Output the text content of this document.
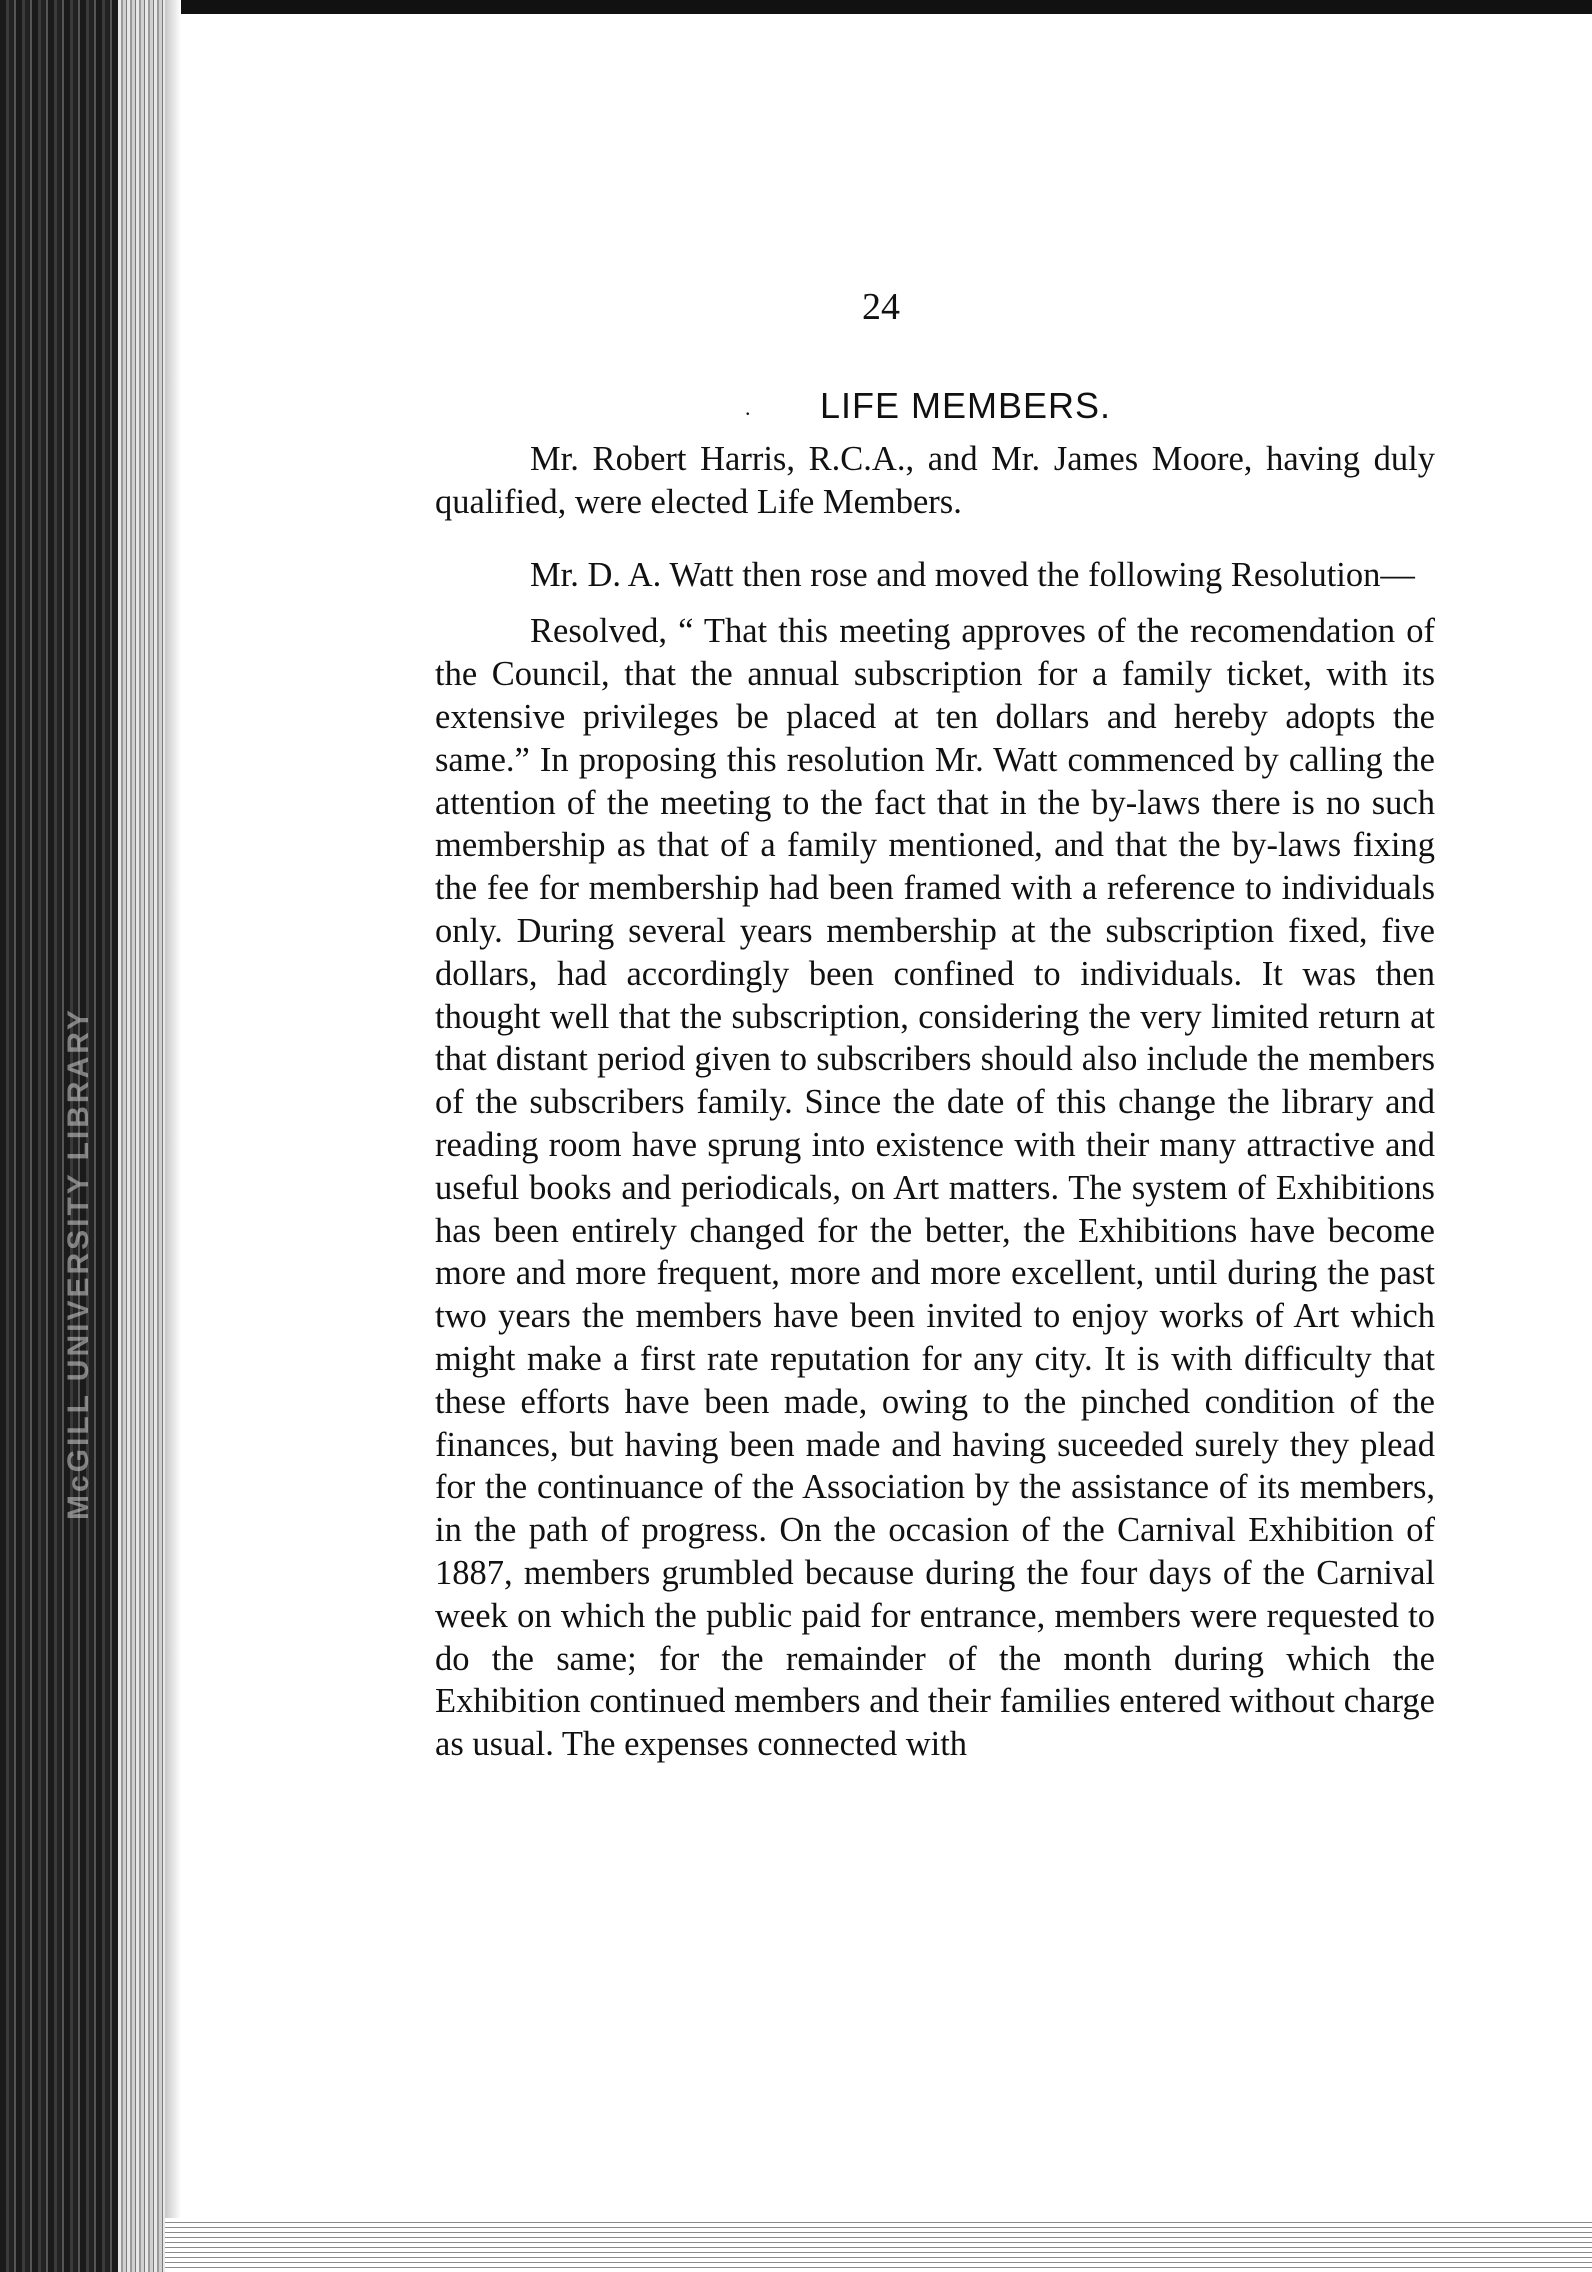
McGILL UNIVERSITY LIBRARY
24
. LIFE MEMBERS.

Mr. Robert Harris, R.C.A., and Mr. James Moore, having duly qualified, were elected Life Members.

Mr. D. A. Watt then rose and moved the following Resolution—

Resolved, “ That this meeting approves of the recomendation of the Council, that the annual subscription for a family ticket, with its extensive privileges be placed at ten dollars and hereby adopts the same.” In proposing this resolution Mr. Watt commenced by calling the attention of the meeting to the fact that in the by-laws there is no such membership as that of a family mentioned, and that the by-laws fixing the fee for membership had been framed with a reference to individuals only. During several years membership at the subscription fixed, five dollars, had accordingly been confined to individuals. It was then thought well that the subscription, considering the very limited return at that distant period given to subscribers should also include the members of the subscribers family. Since the date of this change the library and reading room have sprung into existence with their many attractive and useful books and periodicals, on Art matters. The system of Exhibitions has been entirely changed for the better, the Exhibitions have become more and more frequent, more and more excellent, until during the past two years the members have been invited to enjoy works of Art which might make a first rate reputation for any city. It is with difficulty that these efforts have been made, owing to the pinched condition of the finances, but having been made and having suceeded surely they plead for the continuance of the Association by the assistance of its members, in the path of progress. On the occasion of the Carnival Exhibition of 1887, members grumbled because during the four days of the Carnival week on which the public paid for entrance, members were requested to do the same; for the remainder of the month during which the Exhibition continued members and their families entered without charge as usual. The expenses connected with
